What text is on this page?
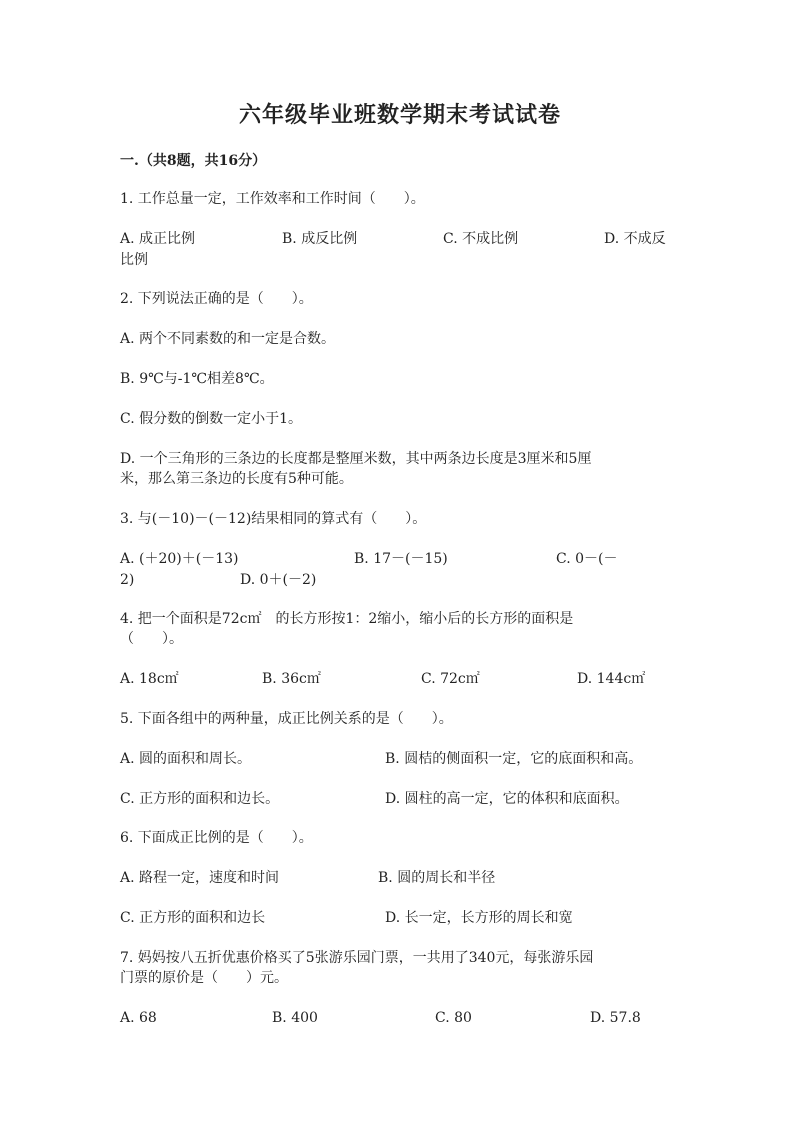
六年级毕业班数学期末考试试卷
一.（共8题，共16分）
1. 工作总量一定，工作效率和工作时间（　　）。
A. 成正比例	B. 成反比例	C. 不成比例	D. 不成反
比例
2. 下列说法正确的是（　　）。
A. 两个不同素数的和一定是合数。
B. 9℃与-1℃相差8℃。
C. 假分数的倒数一定小于1。
D. 一个三角形的三条边的长度都是整厘米数，其中两条边长度是3厘米和5厘
米，那么第三条边的长度有5种可能。
3. 与(－10)－(－12)结果相同的算式有（　　）。
A. (＋20)＋(－13)	B. 17－(－15)	C. 0－(－
2)	D. 0＋(－2)
4. 把一个面积是72c㎡　的长方形按1：2缩小，缩小后的长方形的面积是
（　　）。
A. 18c㎡	B. 36c㎡	C. 72c㎡	D. 144c㎡
5. 下面各组中的两种量，成正比例关系的是（　　）。
A. 圆的面积和周长。	B. 圆桔的侧面积一定，它的底面积和高。
C. 正方形的面积和边长。	D. 圆柱的高一定，它的体积和底面积。
6. 下面成正比例的是（　　）。
A. 路程一定，速度和时间	B. 圆的周长和半径
C. 正方形的面积和边长	D. 长一定，长方形的周长和宽
7. 妈妈按八五折优惠价格买了5张游乐园门票，一共用了340元，每张游乐园
门票的原价是（　　）元。
A. 68	B. 400	C. 80	D. 57.8
